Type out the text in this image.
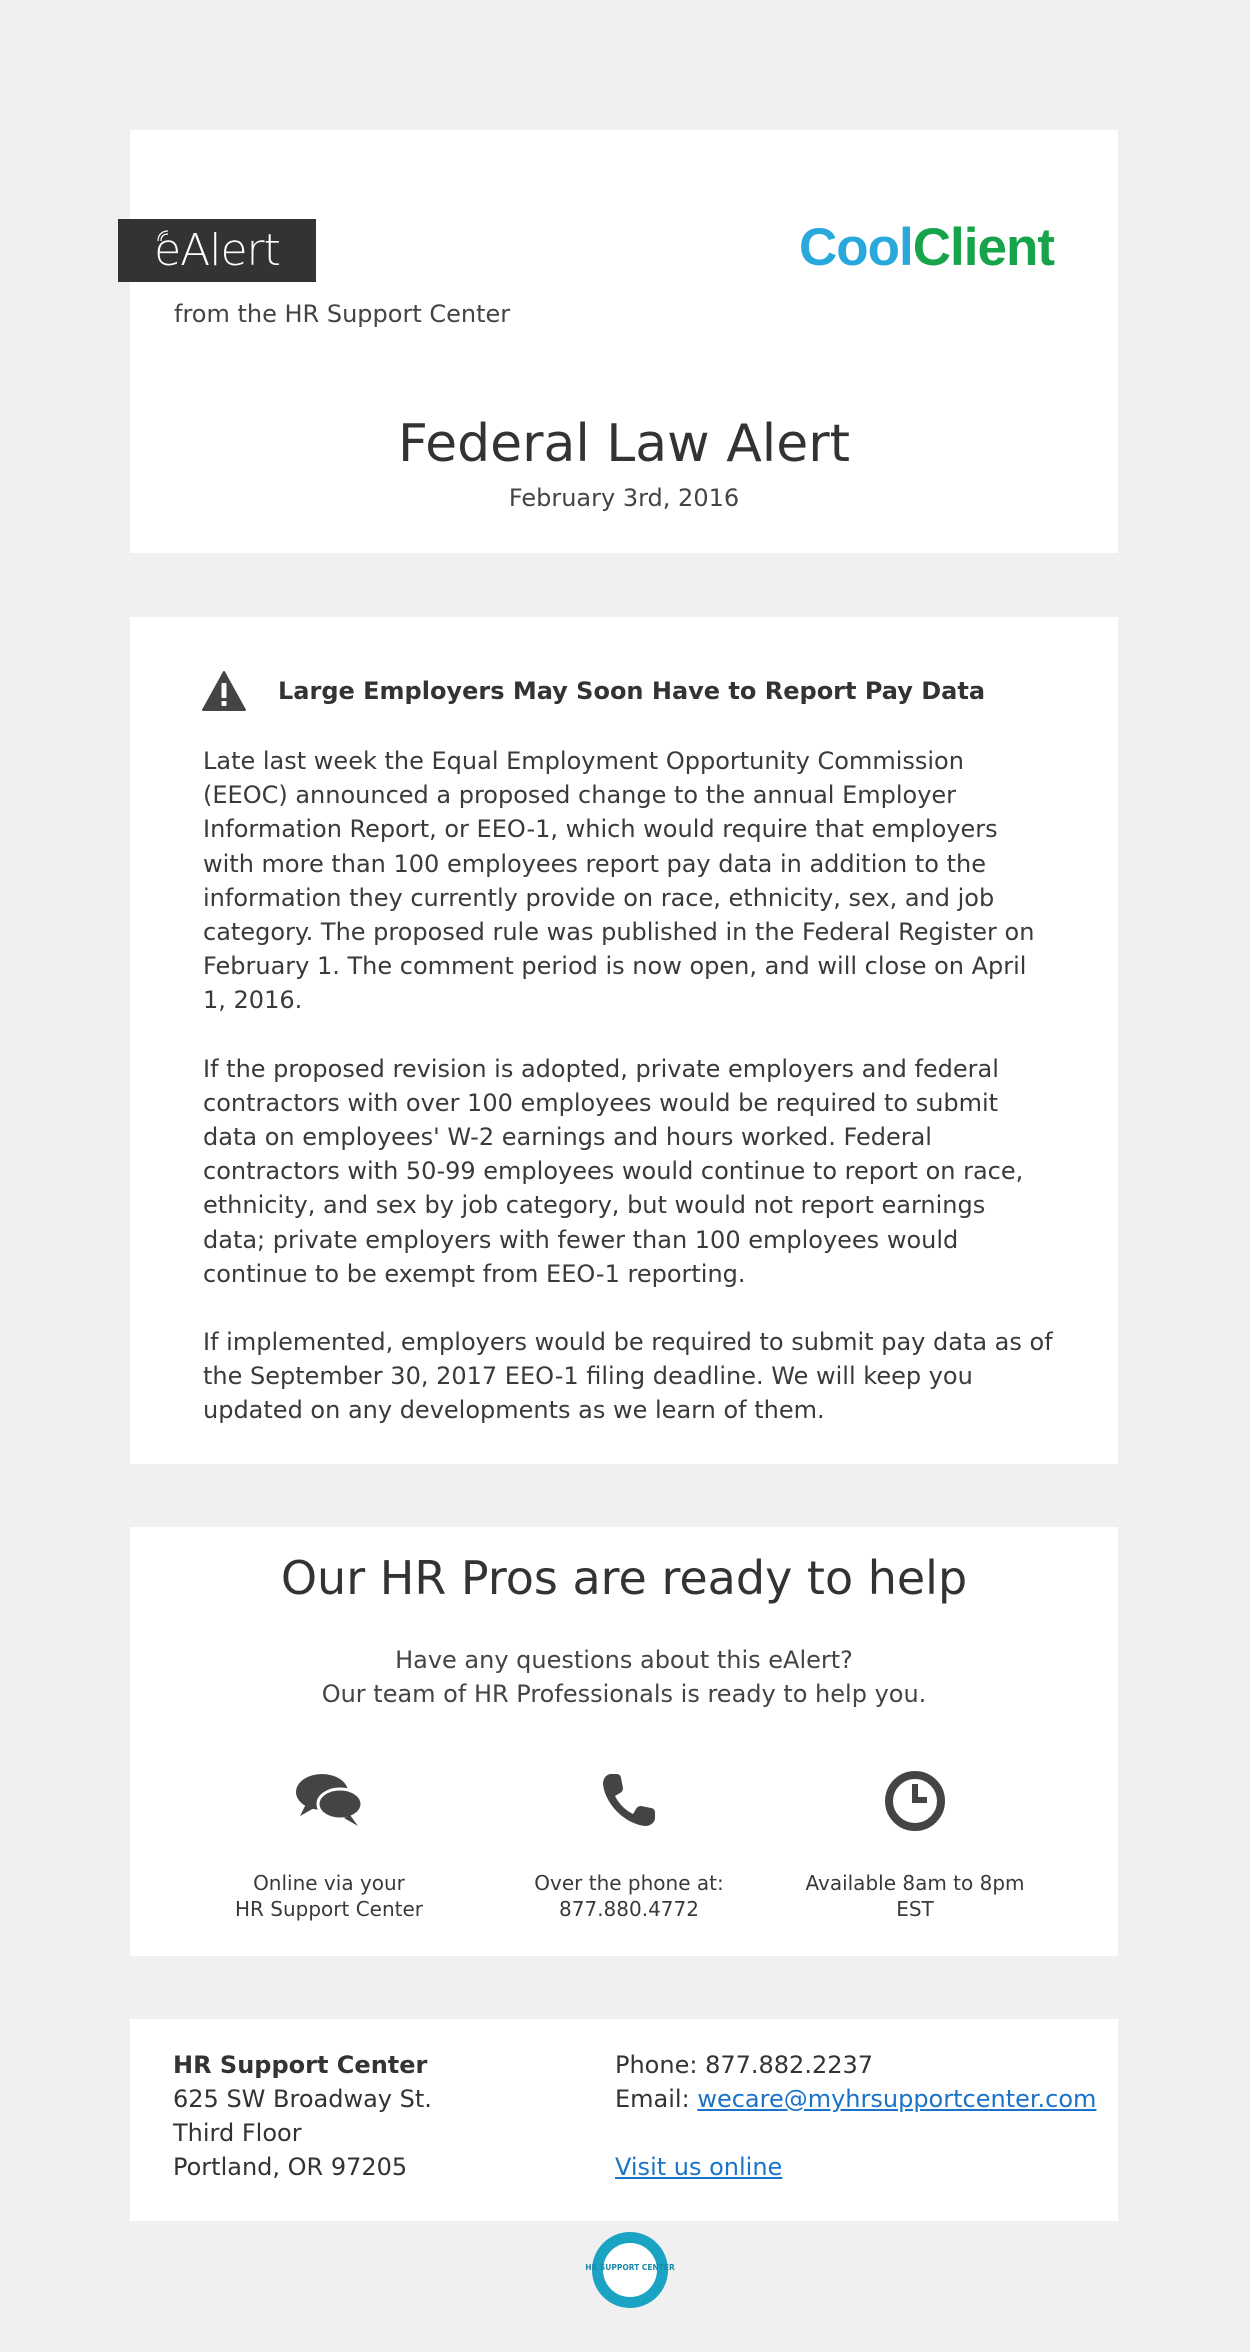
eAlert	CoolClient
from the HR Support Center
Federal Law Alert
February 3rd, 2016
Large Employers May Soon Have to Report Pay Data

Late last week the Equal Employment Opportunity Commission (EEOC) announced a proposed change to the annual Employer Information Report, or EEO-1, which would require that employers with more than 100 employees report pay data in addition to the information they currently provide on race, ethnicity, sex, and job category. The proposed rule was published in the Federal Register on February 1. The comment period is now open, and will close on April 1, 2016.

If the proposed revision is adopted, private employers and federal contractors with over 100 employees would be required to submit data on employees' W-2 earnings and hours worked. Federal contractors with 50-99 employees would continue to report on race, ethnicity, and sex by job category, but would not report earnings data; private employers with fewer than 100 employees would continue to be exempt from EEO-1 reporting.

If implemented, employers would be required to submit pay data as of the September 30, 2017 EEO-1 filing deadline. We will keep you updated on any developments as we learn of them.

Our HR Pros are ready to help
Have any questions about this eAlert?
Our team of HR Professionals is ready to help you.
Online via your
HR Support Center
Over the phone at:
877.880.4772
Available 8am to 8pm
EST
HR Support Center
625 SW Broadway St.
Third Floor
Portland, OR 97205
Phone: 877.882.2237
Email: wecare@myhrsupportcenter.com
Visit us online
HR SUPPORT CENTER
